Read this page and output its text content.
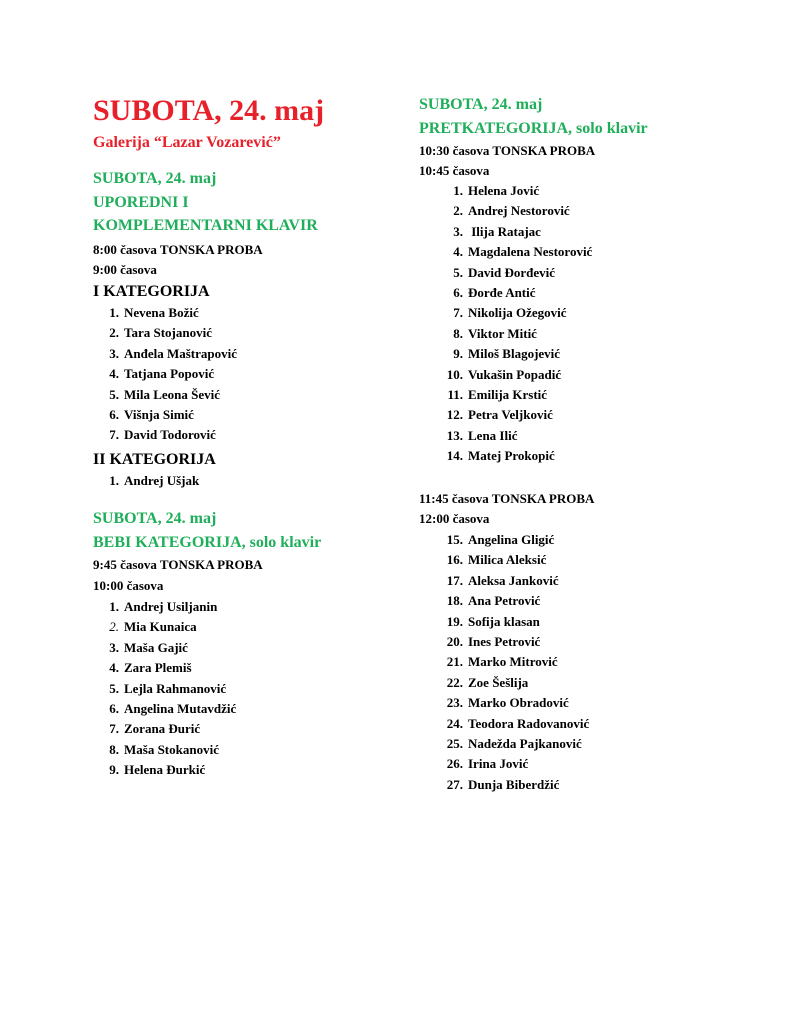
SUBOTA, 24. maj
Galerija “Lazar Vozarević”
SUBOTA, 24. maj
UPOREDNI I
KOMPLEMENTARNI KLAVIR
8:00 časova TONSKA PROBA
9:00 časova
I KATEGORIJA
1. Nevena Božić
2. Tara Stojanović
3. Anđela Maštrapović
4. Tatjana Popović
5. Mila Leona Šević
6. Višnja Simić
7. David Todorović
II KATEGORIJA
1. Andrej Ušjak
SUBOTA, 24. maj
BEBI KATEGORIJA, solo klavir
9:45 časova TONSKA PROBA
10:00 časova
1. Andrej Usiljanin
2. Mia Kunaica
3. Maša Gajić
4. Zara Plemiš
5. Lejla Rahmanović
6. Angelina Mutavdžić
7. Zorana Đurić
8. Maša Stokanović
9. Helena Đurkić
SUBOTA, 24. maj
PRETKATEGORIJA, solo klavir
10:30 časova TONSKA PROBA
10:45 časova
1. Helena Jović
2. Andrej Nestorović
3. Ilija Ratajac
4. Magdalena Nestorović
5. David Đorđević
6. Đorđe Antić
7. Nikolija Ožegović
8. Viktor Mitić
9. Miloš Blagojević
10. Vukašin Popadić
11. Emilija Krstić
12. Petra Veljković
13. Lena Ilić
14. Matej Prokopić
11:45 časova TONSKA PROBA
12:00 časova
15. Angelina Gligić
16. Milica Aleksić
17. Aleksa Janković
18. Ana Petrović
19. Sofija klasan
20. Ines Petrović
21. Marko Mitrović
22. Zoe Šešlija
23. Marko Obradović
24. Teodora Radovanović
25. Nadežda Pajkanović
26. Irina Jović
27. Dunja Biberdžić
